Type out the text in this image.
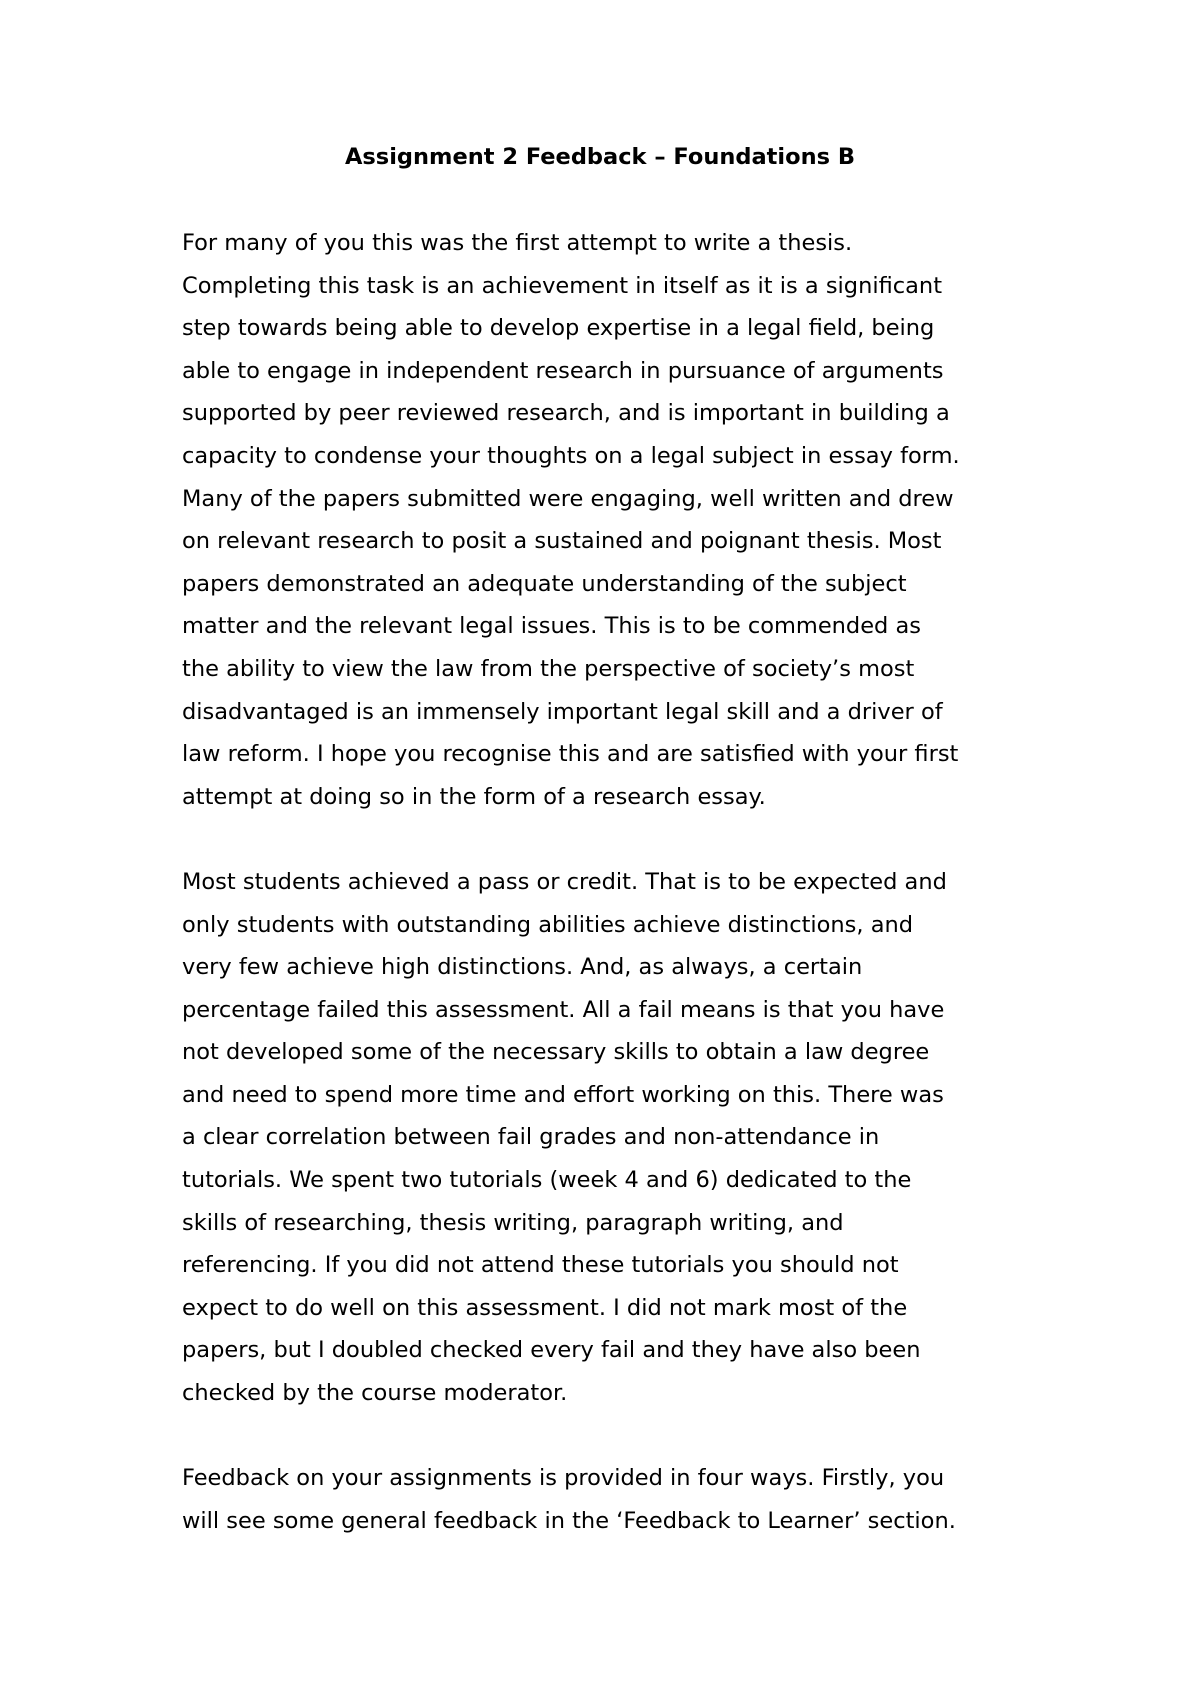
Assignment 2 Feedback – Foundations B
For many of you this was the first attempt to write a thesis.
Completing this task is an achievement in itself as it is a significant
step towards being able to develop expertise in a legal field, being
able to engage in independent research in pursuance of arguments
supported by peer reviewed research, and is important in building a
capacity to condense your thoughts on a legal subject in essay form.
Many of the papers submitted were engaging, well written and drew
on relevant research to posit a sustained and poignant thesis. Most
papers demonstrated an adequate understanding of the subject
matter and the relevant legal issues. This is to be commended as
the ability to view the law from the perspective of society’s most
disadvantaged is an immensely important legal skill and a driver of
law reform. I hope you recognise this and are satisfied with your first
attempt at doing so in the form of a research essay.
Most students achieved a pass or credit. That is to be expected and
only students with outstanding abilities achieve distinctions, and
very few achieve high distinctions. And, as always, a certain
percentage failed this assessment. All a fail means is that you have
not developed some of the necessary skills to obtain a law degree
and need to spend more time and effort working on this. There was
a clear correlation between fail grades and non-attendance in
tutorials. We spent two tutorials (week 4 and 6) dedicated to the
skills of researching, thesis writing, paragraph writing, and
referencing. If you did not attend these tutorials you should not
expect to do well on this assessment. I did not mark most of the
papers, but I doubled checked every fail and they have also been
checked by the course moderator.
Feedback on your assignments is provided in four ways. Firstly, you
will see some general feedback in the ‘Feedback to Learner’ section.
